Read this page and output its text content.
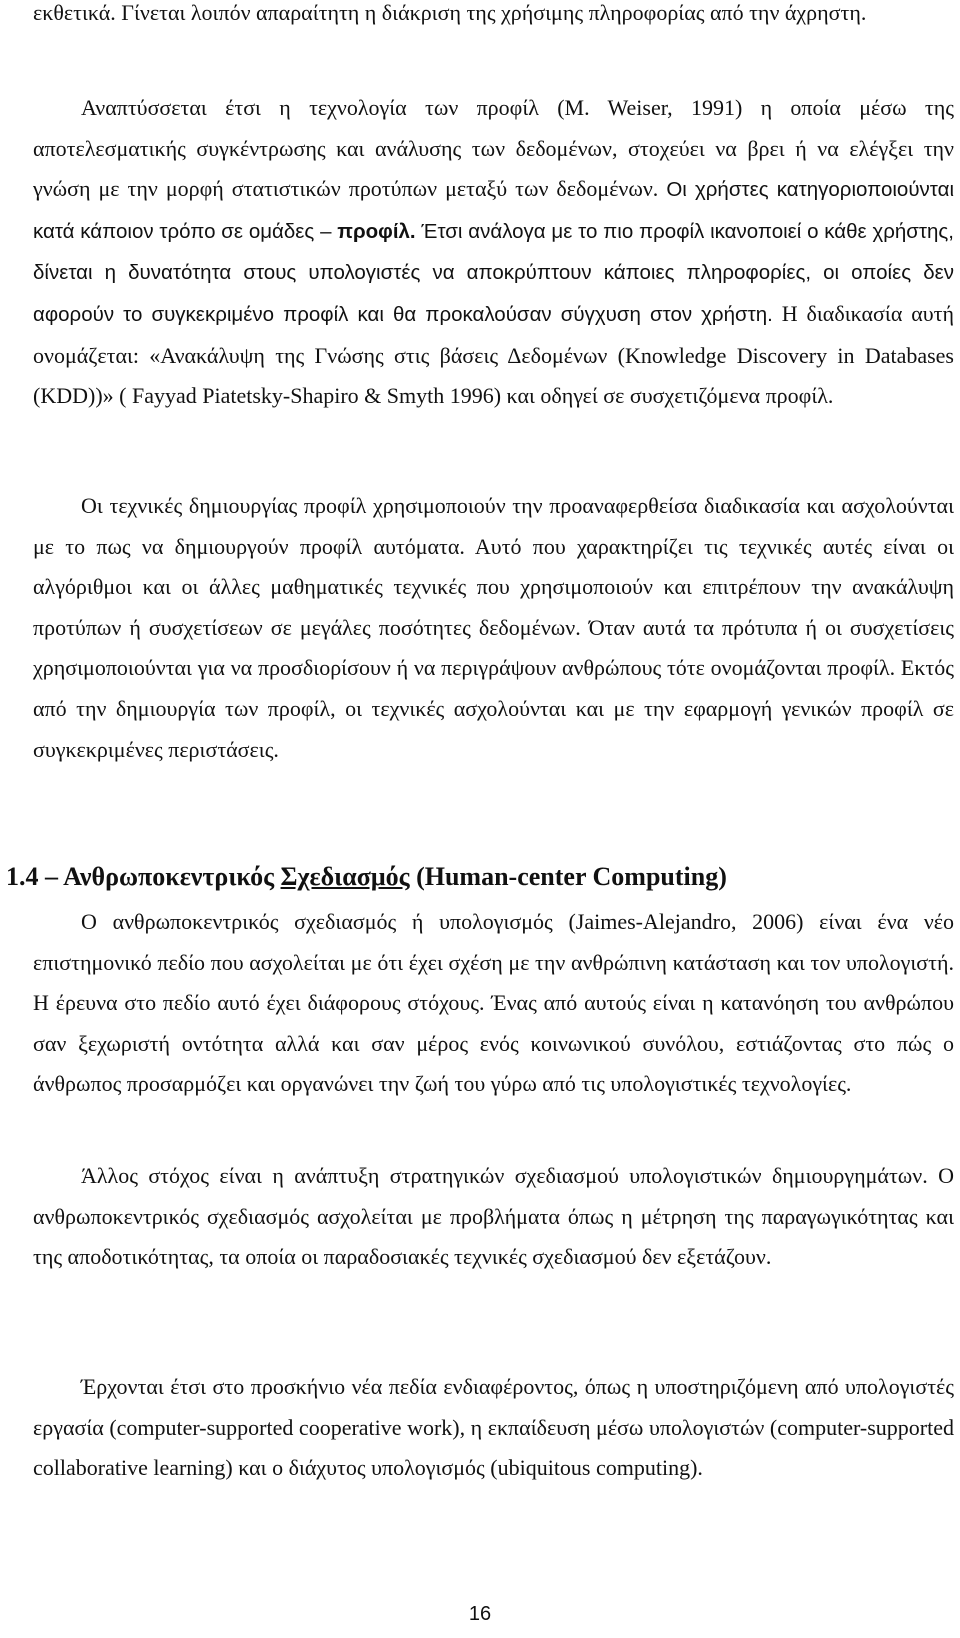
εκθετικά. Γίνεται λοιπόν απαραίτητη η διάκριση της χρήσιμης πληροφορίας από την άχρηστη.

Αναπτύσσεται έτσι η τεχνολογία των προφίλ (M. Weiser, 1991) η οποία μέσω της αποτελεσματικής συγκέντρωσης και ανάλυσης των δεδομένων, στοχεύει να βρει ή να ελέγξει την γνώση με την μορφή στατιστικών προτύπων μεταξύ των δεδομένων. Οι χρήστες κατηγοριοποιούνται κατά κάποιον τρόπο σε ομάδες – προφίλ. Έτσι ανάλογα με το πιο προφίλ ικανοποιεί ο κάθε χρήστης, δίνεται η δυνατότητα στους υπολογιστές να αποκρύπτουν κάποιες πληροφορίες, οι οποίες δεν αφορούν το συγκεκριμένο προφίλ και θα προκαλούσαν σύγχυση στον χρήστη. Η διαδικασία αυτή ονομάζεται: «Ανακάλυψη της Γνώσης στις βάσεις Δεδομένων (Knowledge Discovery in Databases (KDD))» ( Fayyad Piatetsky-Shapiro & Smyth 1996) και οδηγεί σε συσχετιζόμενα προφίλ.

Οι τεχνικές δημιουργίας προφίλ χρησιμοποιούν την προαναφερθείσα διαδικασία και ασχολούνται με το πως να δημιουργούν προφίλ αυτόματα. Αυτό που χαρακτηρίζει τις τεχνικές αυτές είναι οι αλγόριθμοι και οι άλλες μαθηματικές τεχνικές που χρησιμοποιούν και επιτρέπουν την ανακάλυψη προτύπων ή συσχετίσεων σε μεγάλες ποσότητες δεδομένων. Όταν αυτά τα πρότυπα ή οι συσχετίσεις χρησιμοποιούνται για να προσδιορίσουν ή να περιγράψουν ανθρώπους τότε ονομάζονται προφίλ. Εκτός από την δημιουργία των προφίλ, οι τεχνικές ασχολούνται και με την εφαρμογή γενικών προφίλ σε συγκεκριμένες περιστάσεις.

1.4 – Ανθρωποκεντρικός Σχεδιασμός (Human-center Computing)

Ο ανθρωποκεντρικός σχεδιασμός ή υπολογισμός (Jaimes-Alejandro, 2006) είναι ένα νέο επιστημονικό πεδίο που ασχολείται με ότι έχει σχέση με την ανθρώπινη κατάσταση και τον υπολογιστή. Η έρευνα στο πεδίο αυτό έχει διάφορους στόχους. Ένας από αυτούς είναι η κατανόηση του ανθρώπου σαν ξεχωριστή οντότητα αλλά και σαν μέρος ενός κοινωνικού συνόλου, εστιάζοντας στο πώς ο άνθρωπος προσαρμόζει και οργανώνει την ζωή του γύρω από τις υπολογιστικές τεχνολογίες.

Άλλος στόχος είναι η ανάπτυξη στρατηγικών σχεδιασμού υπολογιστικών δημιουργημάτων. Ο ανθρωποκεντρικός σχεδιασμός ασχολείται με προβλήματα όπως η μέτρηση της παραγωγικότητας και της αποδοτικότητας, τα οποία οι παραδοσιακές τεχνικές σχεδιασμού δεν εξετάζουν.

Έρχονται έτσι στο προσκήνιο νέα πεδία ενδιαφέροντος, όπως η υποστηριζόμενη από υπολογιστές εργασία (computer-supported cooperative work), η εκπαίδευση μέσω υπολογιστών (computer-supported collaborative learning) και ο διάχυτος υπολογισμός (ubiquitous computing).

16
